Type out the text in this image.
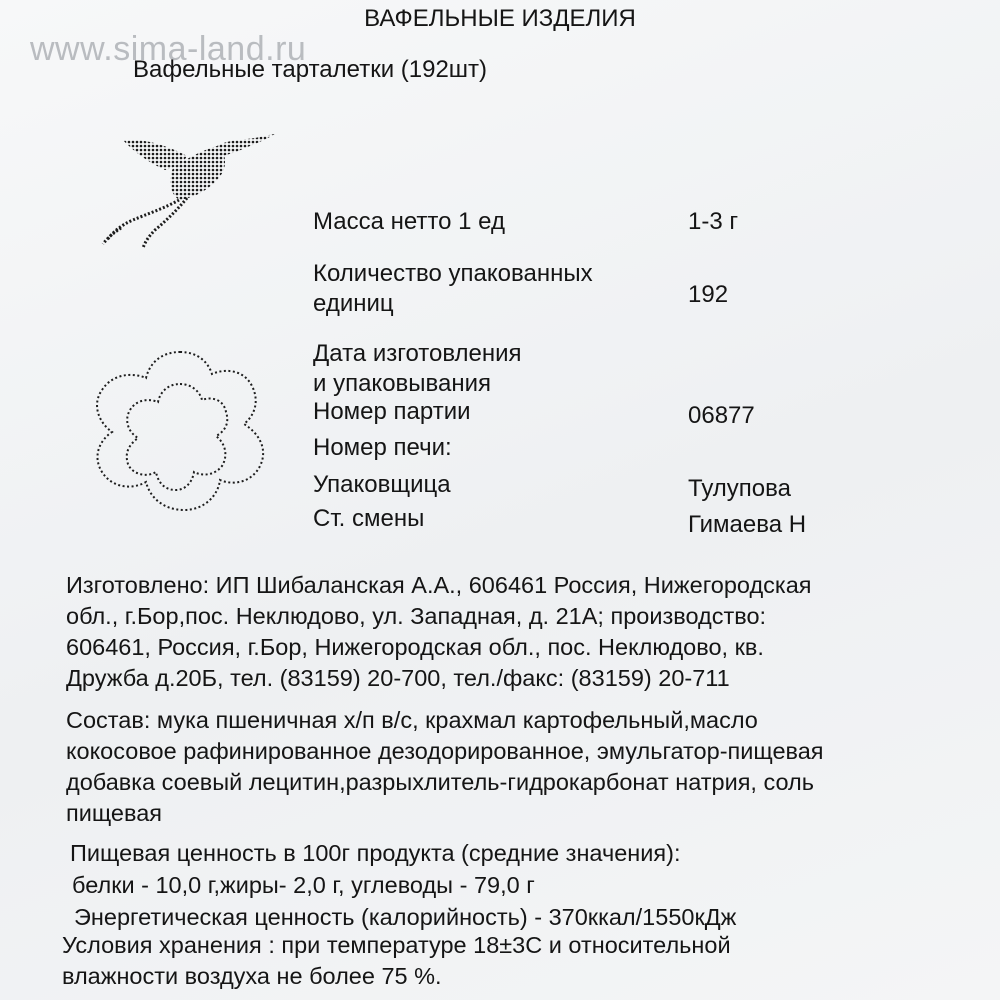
www.sima-land.ru
ВАФЕЛЬНЫЕ ИЗДЕЛИЯ
Вафельные тарталетки (192шт)
Масса нетто 1 ед	1-3 г
Количество упакованных
единиц	192
Дата изготовления
и упаковывания
Номер партии	06877
Номер печи:
Упаковщица	Тулупова
Ст. смены	Гимаева Н
Изготовлено: ИП Шибаланская А.А., 606461 Россия, Нижегородская
обл., г.Бор,пос. Неклюдово, ул. Западная, д. 21А; производство:
606461, Россия, г.Бор, Нижегородская обл., пос. Неклюдово, кв.
Дружба д.20Б, тел. (83159) 20-700, тел./факс: (83159) 20-711
Состав: мука пшеничная х/п в/с, крахмал картофельный,масло
кокосовое рафинированное дезодорированное, эмульгатор-пищевая
добавка соевый лецитин,разрыхлитель-гидрокарбонат натрия, соль
пищевая
Пищевая ценность в 100г продукта (средние значения):
белки - 10,0 г,жиры- 2,0 г, углеводы - 79,0 г
Энергетическая ценность (калорийность) - 370ккал/1550кДж
Условия хранения : при температуре 18±3С и относительной
влажности воздуха не более 75 %.
